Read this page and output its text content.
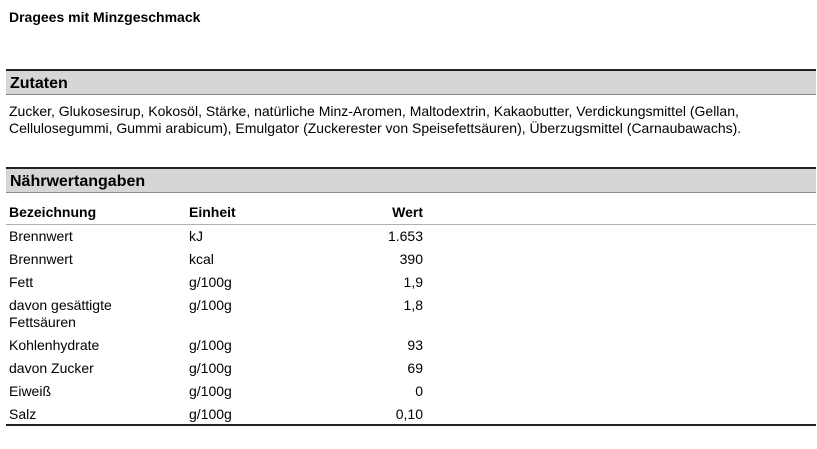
Dragees mit Minzgeschmack
Zutaten
Zucker, Glukosesirup, Kokosöl, Stärke, natürliche Minz-Aromen, Maltodextrin, Kakaobutter, Verdickungsmittel (Gellan, Cellulosegummi, Gummi arabicum), Emulgator (Zuckerester von Speisefettsäuren), Überzugsmittel (Carnaubawachs).
Nährwertangaben
Bezeichnung	Einheit	Wert	
Brennwert	kJ	1.653	
Brennwert	kcal	390	
Fett	g/100g	1,9	
davon gesättigte Fettsäuren	g/100g	1,8	
Kohlenhydrate	g/100g	93	
davon Zucker	g/100g	69	
Eiweiß	g/100g	0	
Salz	g/100g	0,10	
